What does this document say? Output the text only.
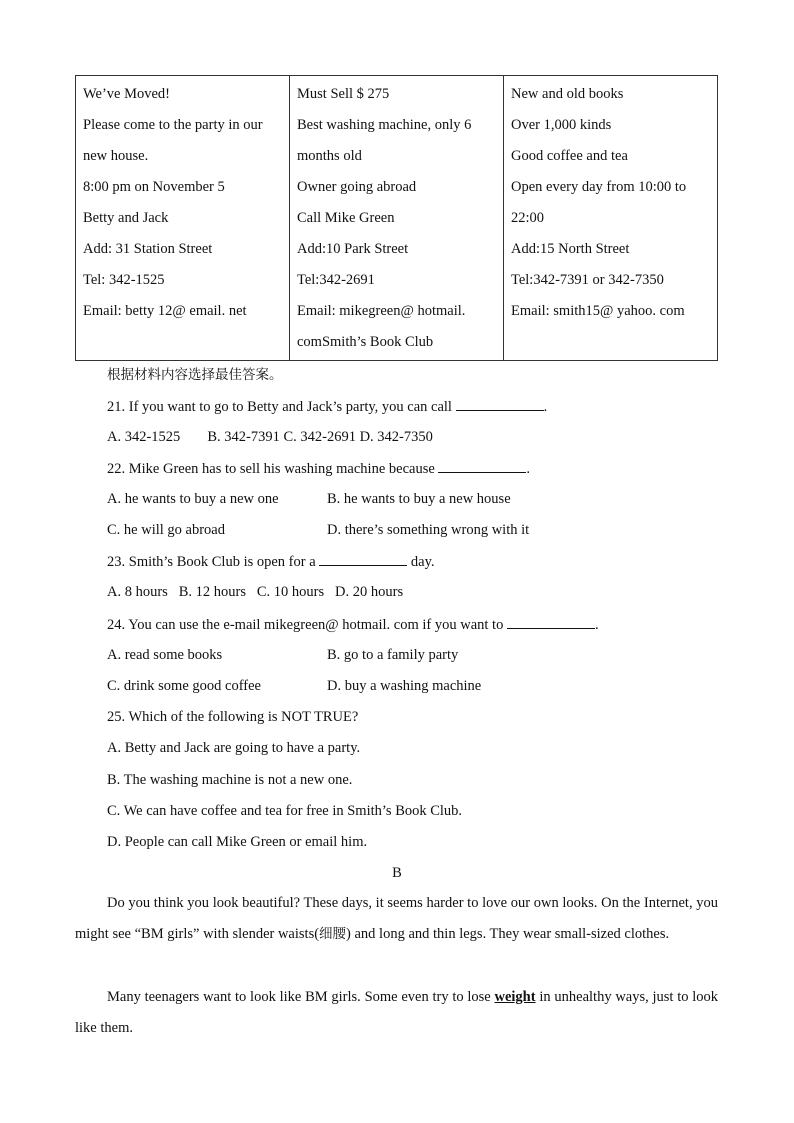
We’ve Moved!
Please come to the party in our
new house.
8:00 pm on November 5
Betty and Jack
Add: 31 Station Street
Tel: 342-1525
Email: betty 12@ email. net

Must Sell $ 275
Best washing machine, only 6
months old
Owner going abroad
Call Mike Green
Add:10 Park Street
Tel:342-2691
Email: mikegreen@ hotmail.
comSmith’s Book Club

New and old books
Over 1,000 kinds
Good coffee and tea
Open every day from 10:00 to
22:00
Add:15 North Street
Tel:342-7391 or 342-7350
Email: smith15@ yahoo. com
根据材料内容选择最佳答案。
21. If you want to go to Betty and Jack’s party, you can call	.
A. 342-1525 B. 342-7391 C. 342-2691 D. 342-7350
22. Mike Green has to sell his washing machine because	.
A. he wants to buy a new one	B. he wants to buy a new house
C. he will go abroad	D. there’s something wrong with it
23. Smith’s Book Club is open for a	day.
A. 8 hours B. 12 hours C. 10 hours D. 20 hours
24. You can use the e-mail mikegreen@ hotmail. com if you want to	.
A. read some books	B. go to a family party
C. drink some good coffee	D. buy a washing machine
25. Which of the following is NOT TRUE?
A. Betty and Jack are going to have a party.
B. The washing machine is not a new one.
C. We can have coffee and tea for free in Smith’s Book Club.
D. People can call Mike Green or email him.
B
Do you think you look beautiful? These days, it seems harder to love our own looks. On the Internet, you might see “BM girls” with slender waists(细腰) and long and thin legs. They wear small-sized clothes.
Many teenagers want to look like BM girls. Some even try to lose weight in unhealthy ways, just to look like them.
